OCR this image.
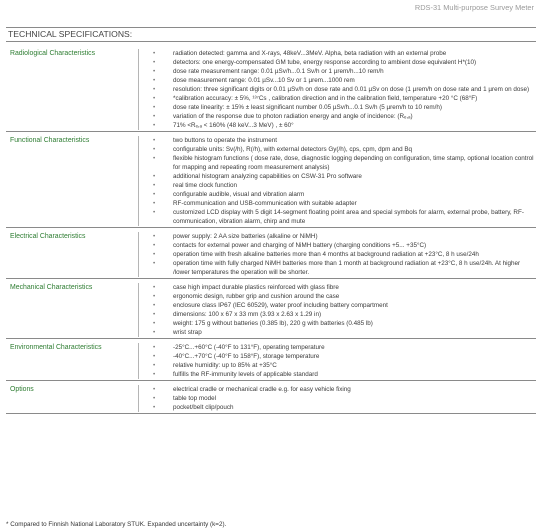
RDS-31 Multi-purpose Survey Meter
TECHNICAL SPECIFICATIONS:
Radiological Characteristics	•	radiation detected: gamma and X-rays, 48keV...3MeV. Alpha, beta radiation with an external probe
•	detectors: one energy-compensated GM tube, energy response according to ambient dose equivalent H*(10)
•	dose rate measurement range: 0.01 µSv/h...0.1 Sv/h or 1 µrem/h...10 rem/h
•	dose measurement range: 0.01 µSv...10 Sv or 1 µrem...1000 rem
•	resolution: three significant digits or 0.01 µSv/h on dose rate and 0.01 µSv on dose (1 µrem/h on dose rate and 1 µrem on dose)
•	*calibration accuracy: ± 5%, ¹³⁷Cs , calibration direction and in the calibration field, temperature +20 °C (68°F)
•	dose rate linearity: ± 15% ± least significant number 0.05 µSv/h...0.1 Sv/h (5 µrem/h to 10 rem/h)
•	variation of the response due to photon radiation energy and angle of incidence: (Rₑ,ₐ)
•	71% <Rₑ,ₐ < 160% (48 keV...3 MeV) , ± 60°
Functional Characteristics	•	two buttons to operate the instrument
•	configurable units: Sv(/h), R(/h), with external detectors Gy(/h), cps, cpm, dpm and Bq
•	flexible histogram functions ( dose rate, dose, diagnostic logging depending on configuration, time stamp, optional location control for mapping and repeating room measurement analysis)
•	additional histogram analyzing capabilities on CSW-31 Pro software
•	real time clock function
•	configurable audible, visual and vibration alarm
•	RF-communication and USB-communication with suitable adapter
•	customized LCD display with 5 digit 14-segment floating point area and special symbols for alarm, external probe, battery, RF-communication, vibration alarm, chirp and mute
Electrical Characteristics	•	power supply: 2 AA size batteries (alkaline or NiMH)
•	contacts for external power and charging of NiMH battery (charging conditions +5... +35°C)
•	operation time with fresh alkaline batteries more than 4 months at background radiation at +23°C, 8 h use/24h
•	operation time with fully charged NiMH batteries more than 1 month at background radiation at +23°C, 8 h use/24h. At higher /lower temperatures the operation will be shorter.
Mechanical Characteristics	•	case high impact durable plastics reinforced with glass fibre
•	ergonomic design, rubber grip and cushion around the case
•	enclosure class IP67 (IEC 60529), water proof including battery compartment
•	dimensions: 100 x 67 x 33 mm (3.93 x 2.63 x 1.29 in)
•	weight: 175 g without batteries (0.385 lb), 220 g with batteries (0.485 lb)
•	wrist strap
Environmental Characteristics	•	-25°C...+60°C (-40°F to 131°F), operating temperature
•	-40°C...+70°C (-40°F to 158°F), storage temperature
•	relative humidity: up to 85% at +35°C
•	fulfills the RF-immunity levels of applicable standard
Options	•	electrical cradle or mechanical cradle e.g. for easy vehicle fixing
•	table top model
•	pocket/belt clip/pouch
* Compared to Finnish National Laboratory STUK. Expanded uncertainty (k=2).
